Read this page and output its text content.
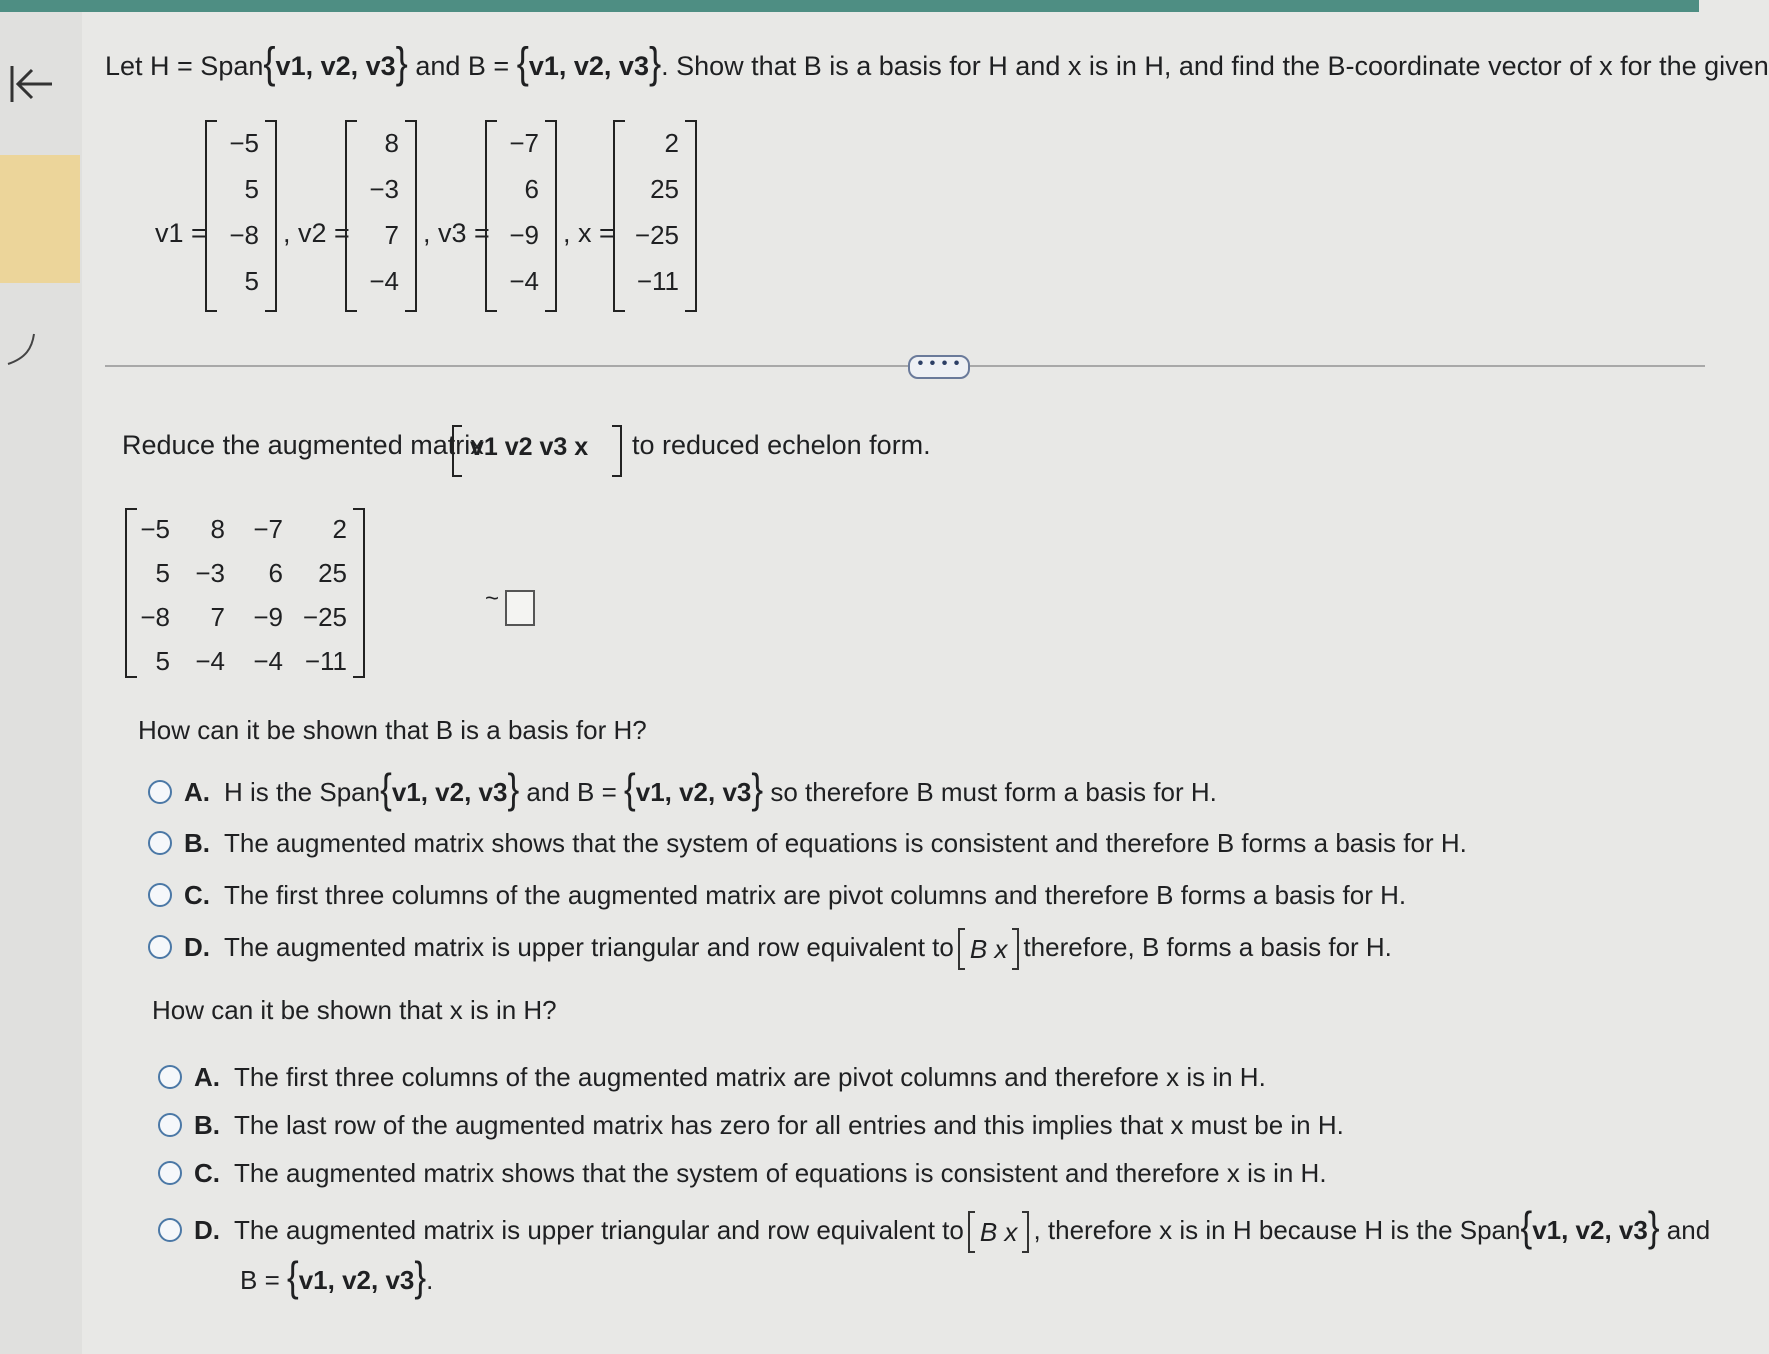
Let H = Span{v1, v2, v3} and B = {v1, v2, v3}. Show that B is a basis for H and x is in H, and find the B-coordinate vector of x for the given
v1 =
−5
5
−8
5
, v2 =
8
−3
7
−4
, v3 =
−7
6
−9
−4
, x =
2
25
−25
−11
• • • •
Reduce the augmented matrix
v1 v2 v3 x to reduced echelon form.
−5 8 −7 2
5 −3 6 25
−8 7 −9 −25
5 −4 −4 −11
~
How can it be shown that B is a basis for H?
A. H is the Span{v1, v2, v3} and B = {v1, v2, v3} so therefore B must form a basis for H.
B. The augmented matrix shows that the system of equations is consistent and therefore B forms a basis for H.
C. The first three columns of the augmented matrix are pivot columns and therefore B forms a basis for H.
D. The augmented matrix is upper triangular and row equivalent to B x therefore, B forms a basis for H.
How can it be shown that x is in H?
A. The first three columns of the augmented matrix are pivot columns and therefore x is in H.
B. The last row of the augmented matrix has zero for all entries and this implies that x must be in H.
C. The augmented matrix shows that the system of equations is consistent and therefore x is in H.
D. The augmented matrix is upper triangular and row equivalent to B x , therefore x is in H because H is the Span{v1, v2, v3} and
B = {v1, v2, v3}.
